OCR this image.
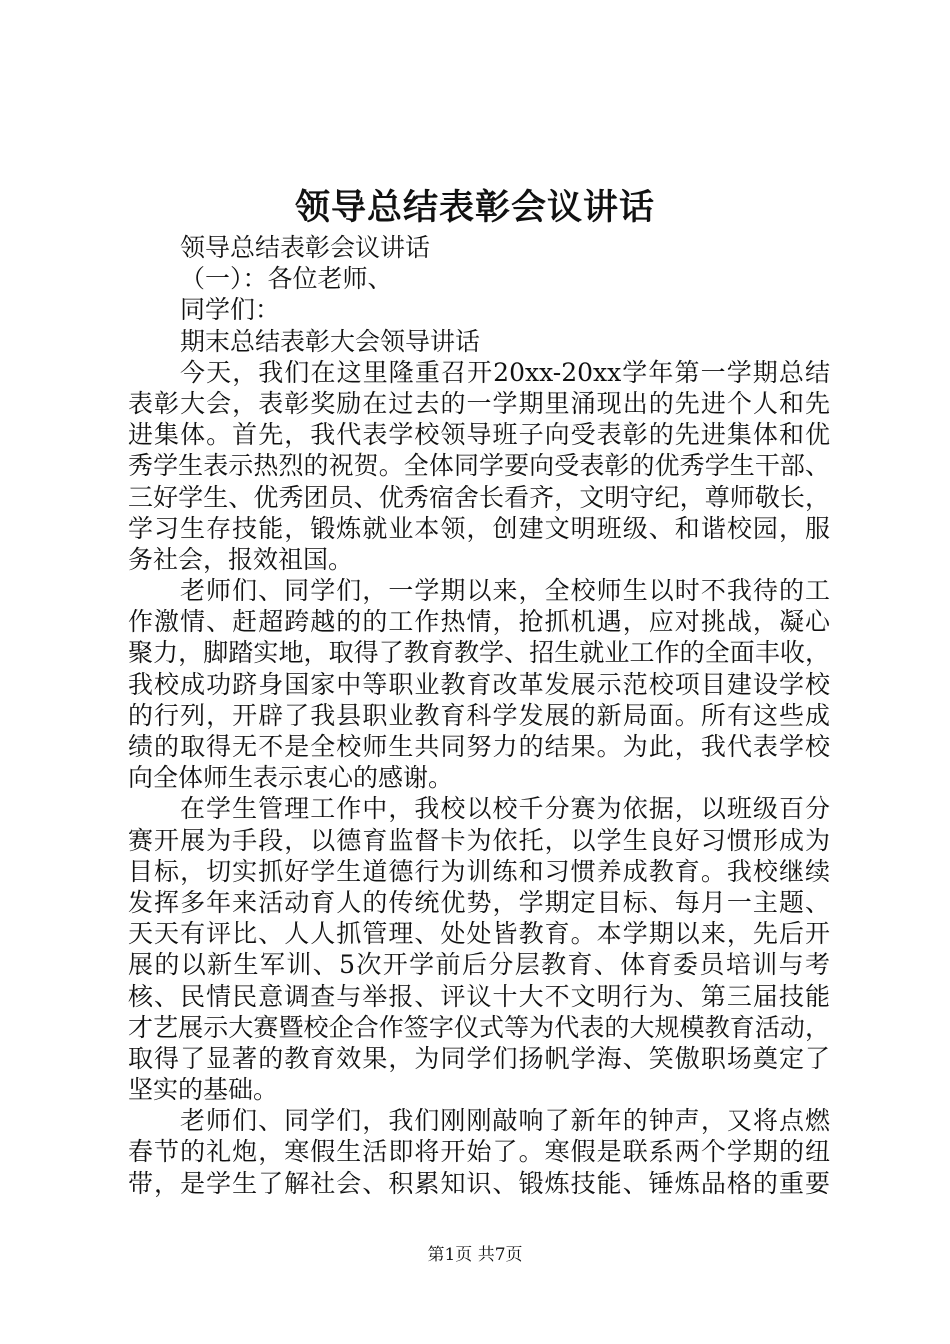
领导总结表彰会议讲话
领导总结表彰会议讲话
（一）：各位老师、
同学们：
期末总结表彰大会领导讲话
今天，我们在这里隆重召开20xx-20xx学年第一学期总结
表彰大会，表彰奖励在过去的一学期里涌现出的先进个人和先
进集体。首先，我代表学校领导班子向受表彰的先进集体和优
秀学生表示热烈的祝贺。全体同学要向受表彰的优秀学生干部、
三好学生、优秀团员、优秀宿舍长看齐，文明守纪，尊师敬长，
学习生存技能，锻炼就业本领，创建文明班级、和谐校园，服
务社会，报效祖国。
老师们、同学们，一学期以来，全校师生以时不我待的工
作激情、赶超跨越的的工作热情，抢抓机遇，应对挑战，凝心
聚力，脚踏实地，取得了教育教学、招生就业工作的全面丰收，
我校成功跻身国家中等职业教育改革发展示范校项目建设学校
的行列，开辟了我县职业教育科学发展的新局面。所有这些成
绩的取得无不是全校师生共同努力的结果。为此，我代表学校
向全体师生表示衷心的感谢。
在学生管理工作中，我校以校千分赛为依据，以班级百分
赛开展为手段，以德育监督卡为依托，以学生良好习惯形成为
目标，切实抓好学生道德行为训练和习惯养成教育。我校继续
发挥多年来活动育人的传统优势，学期定目标、每月一主题、
天天有评比、人人抓管理、处处皆教育。本学期以来，先后开
展的以新生军训、5次开学前后分层教育、体育委员培训与考
核、民情民意调查与举报、评议十大不文明行为、第三届技能
才艺展示大赛暨校企合作签字仪式等为代表的大规模教育活动，
取得了显著的教育效果，为同学们扬帆学海、笑傲职场奠定了
坚实的基础。
老师们、同学们，我们刚刚敲响了新年的钟声，又将点燃
春节的礼炮，寒假生活即将开始了。寒假是联系两个学期的纽
带，是学生了解社会、积累知识、锻炼技能、锤炼品格的重要
第1页 共7页
